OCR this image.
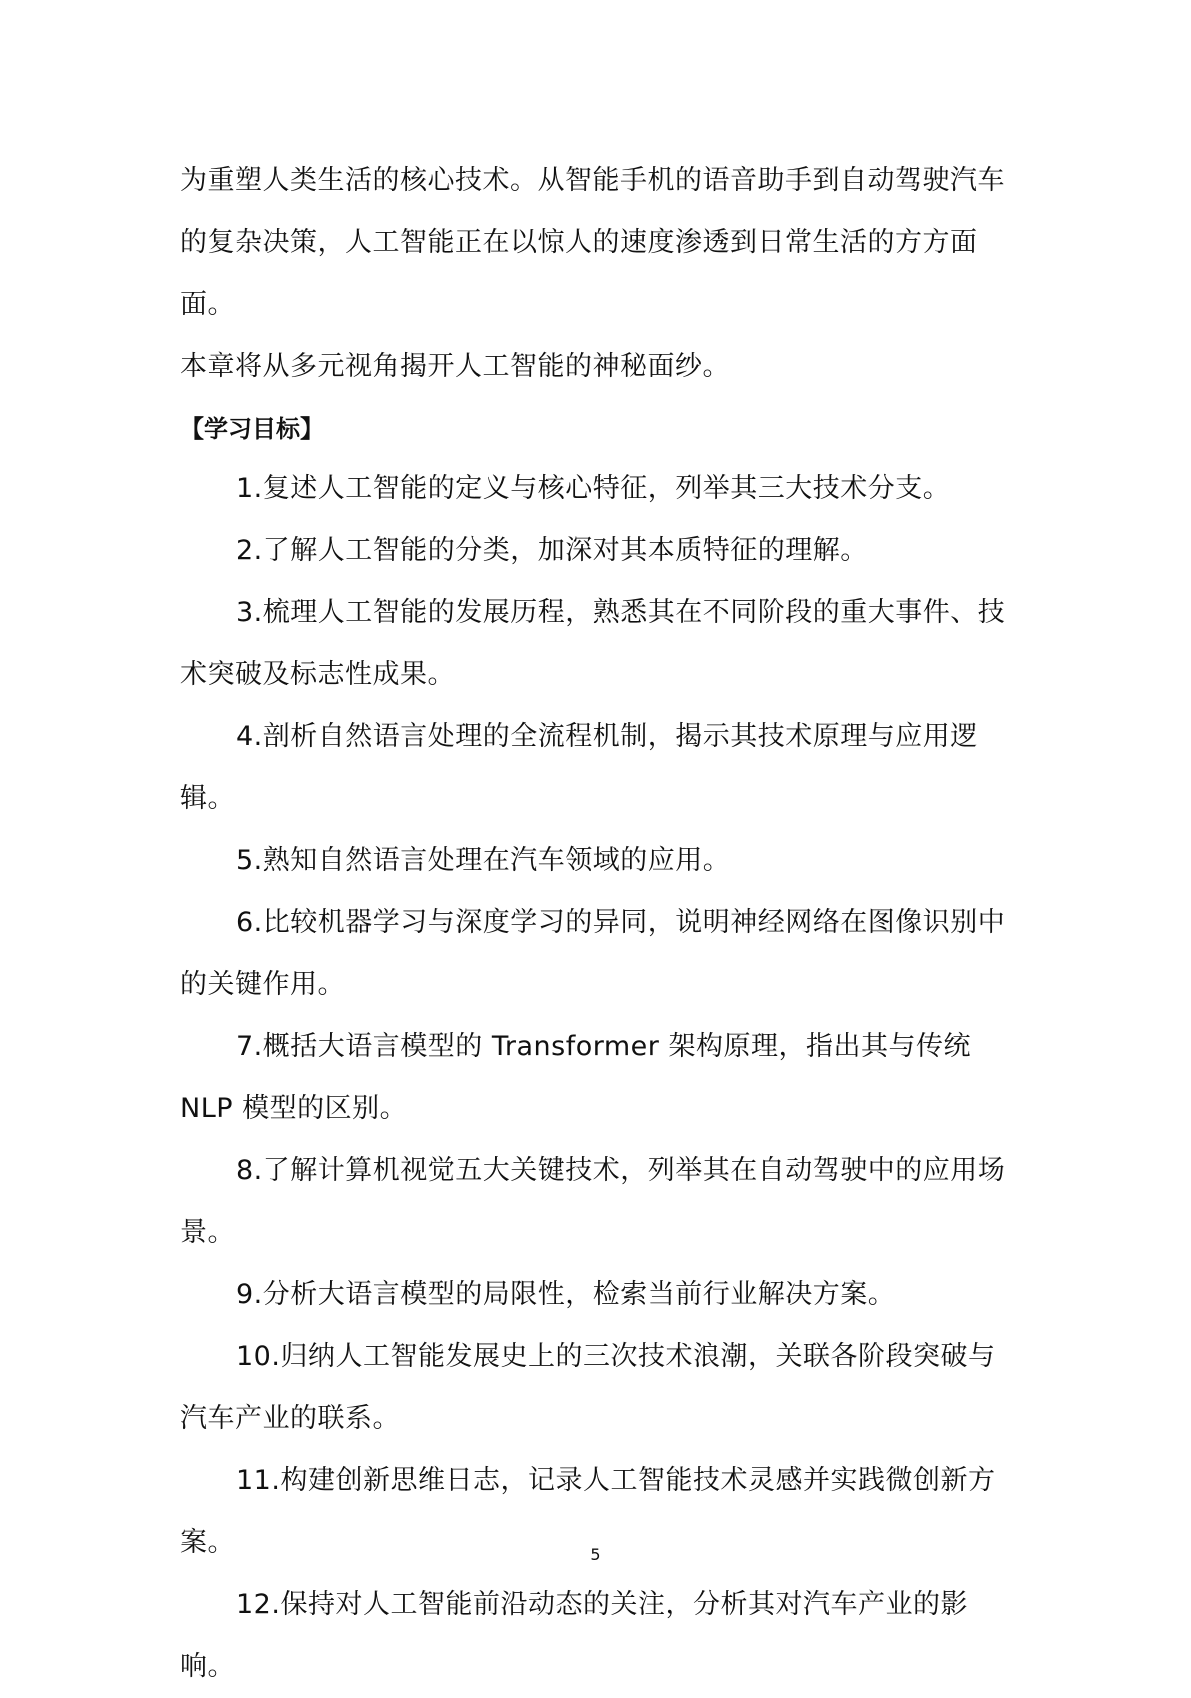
为重塑人类生活的核心技术。从智能手机的语音助手到自动驾驶汽车
的复杂决策，人工智能正在以惊人的速度渗透到日常生活的方方面面。
本章将从多元视角揭开人工智能的神秘面纱。

【学习目标】

1.复述人工智能的定义与核心特征，列举其三大技术分支。

2.了解人工智能的分类，加深对其本质特征的理解。

3.梳理人工智能的发展历程，熟悉其在不同阶段的重大事件、技术突破及标志性成果。

4.剖析自然语言处理的全流程机制，揭示其技术原理与应用逻辑。

5.熟知自然语言处理在汽车领域的应用。

6.比较机器学习与深度学习的异同，说明神经网络在图像识别中的关键作用。

7.概括大语言模型的 Transformer 架构原理，指出其与传统 NLP 模型的区别。

8.了解计算机视觉五大关键技术，列举其在自动驾驶中的应用场景。

9.分析大语言模型的局限性，检索当前行业解决方案。

10.归纳人工智能发展史上的三次技术浪潮，关联各阶段突破与汽车产业的联系。

11.构建创新思维日志，记录人工智能技术灵感并实践微创新方案。

12.保持对人工智能前沿动态的关注，分析其对汽车产业的影响。

5
